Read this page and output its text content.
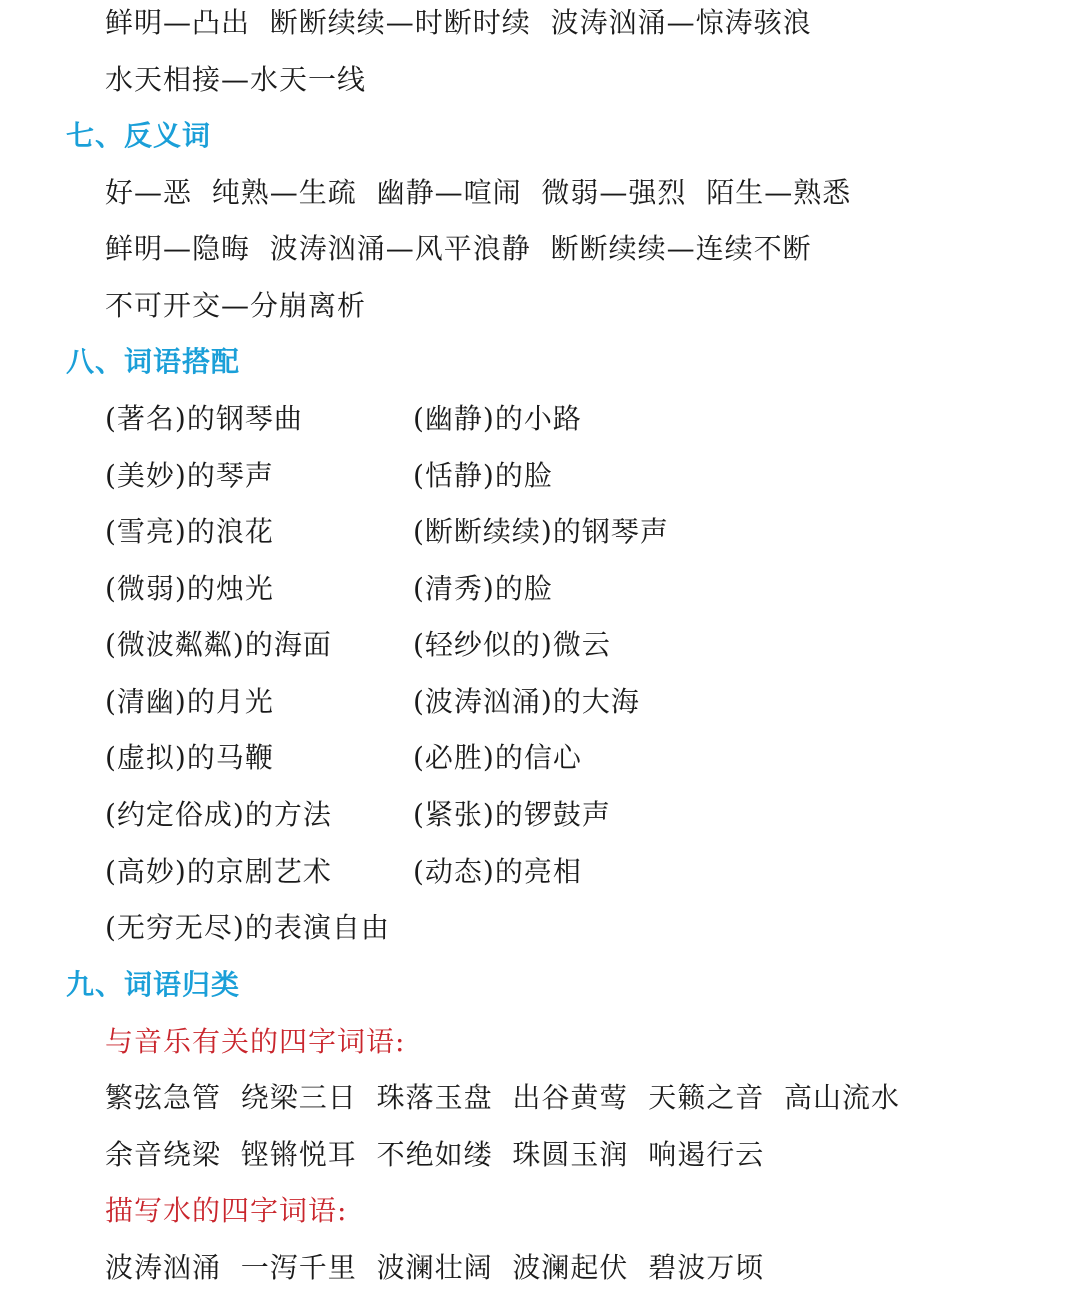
鲜明—凸出  断断续续—时断时续  波涛汹涌—惊涛骇浪
水天相接—水天一线
七、反义词
好—恶  纯熟—生疏  幽静—喧闹  微弱—强烈  陌生—熟悉
鲜明—隐晦  波涛汹涌—风平浪静  断断续续—连续不断
不可开交—分崩离析
八、词语搭配
(著名)的钢琴曲	(幽静)的小路
(美妙)的琴声	(恬静)的脸
(雪亮)的浪花	(断断续续)的钢琴声
(微弱)的烛光	(清秀)的脸
(微波粼粼)的海面	(轻纱似的)微云
(清幽)的月光	(波涛汹涌)的大海
(虚拟)的马鞭	(必胜)的信心
(约定俗成)的方法	(紧张)的锣鼓声
(高妙)的京剧艺术	(动态)的亮相
(无穷无尽)的表演自由
九、词语归类
与音乐有关的四字词语:
繁弦急管  绕梁三日  珠落玉盘  出谷黄莺  天籁之音  高山流水
余音绕梁  铿锵悦耳  不绝如缕  珠圆玉润  响遏行云
描写水的四字词语:
波涛汹涌  一泻千里  波澜壮阔  波澜起伏  碧波万顷
